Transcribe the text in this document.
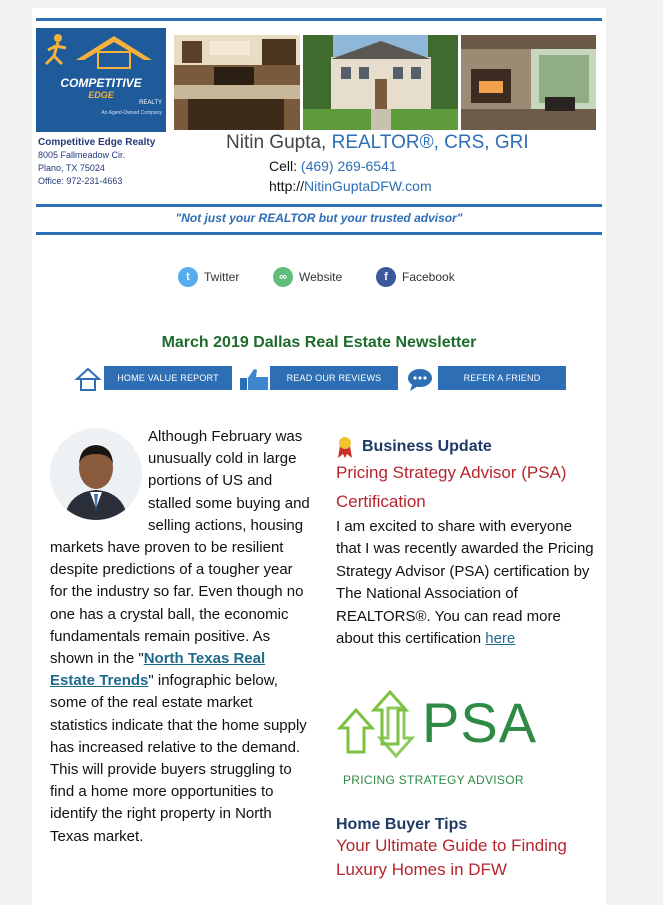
COMPETITIVE
EDGE
REALTY
An Agent-Owned Company
Competitive Edge Realty
8005 Fallmeadow Cir.
Plano, TX 75024
Office: 972-231-4663
Nitin Gupta, REALTOR®, CRS, GRI
Cell: (469) 269-6541
http://NitinGuptaDFW.com
"Not just your REALTOR but your trusted advisor"
t	Twitter	∞	Website	f	Facebook
March 2019 Dallas Real Estate Newsletter
HOME VALUE REPORT	READ OUR REVIEWS	REFER A FRIEND
Although February was unusually cold in large portions of US and stalled some buying and selling actions, housing markets have proven to be resilient despite predictions of a tougher year for the industry so far. Even though no one has a crystal ball, the economic fundamentals remain positive. As shown in the "North Texas Real Estate Trends" infographic below, some of the real estate market statistics indicate that the home supply has increased relative to the demand. This will provide buyers struggling to find a home more opportunities to identify the right property in North Texas market.
Business Update
Pricing Strategy Advisor (PSA) Certification
I am excited to share with everyone that I was recently awarded the Pricing Strategy Advisor (PSA) certification by The National Association of REALTORS®. You can read more about this certification here
PSA
PRICING STRATEGY ADVISOR
Home Buyer Tips
Your Ultimate Guide to Finding Luxury Homes in DFW
